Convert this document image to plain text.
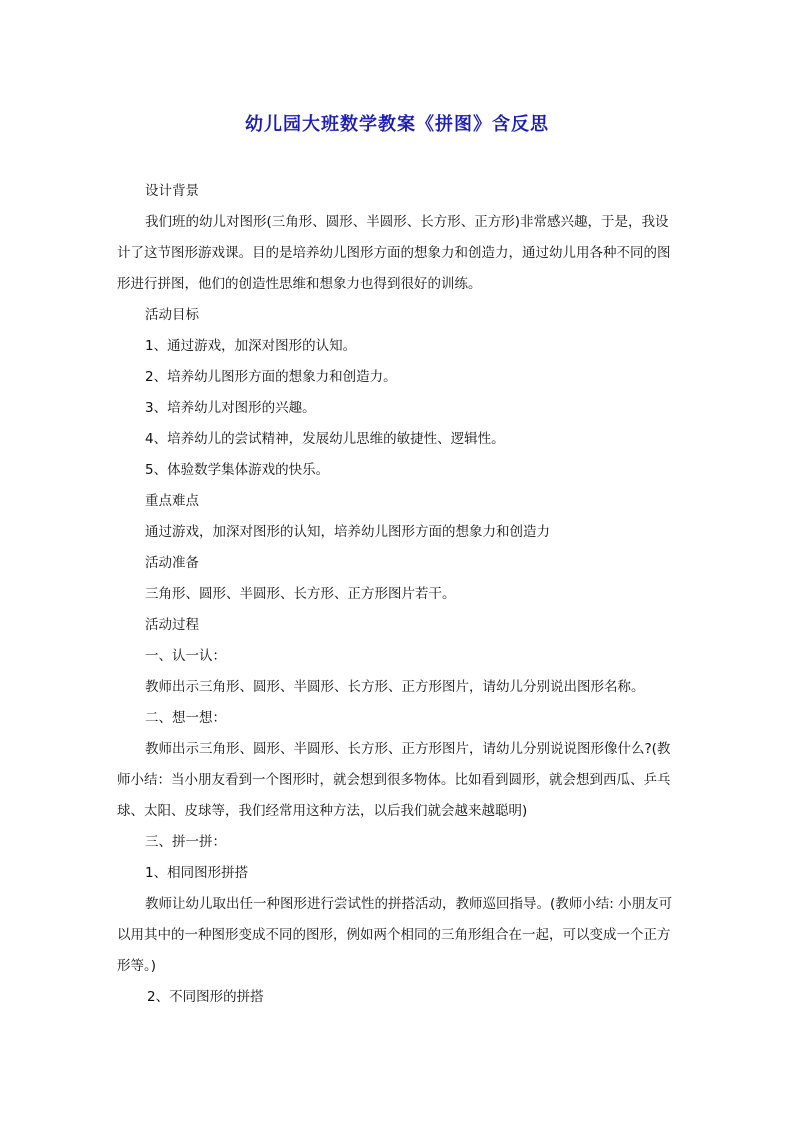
幼儿园大班数学教案《拼图》含反思

设计背景

我们班的幼儿对图形(三角形、圆形、半圆形、长方形、正方形)非常感兴趣，于是，我设计了这节图形游戏课。目的是培养幼儿图形方面的想象力和创造力，通过幼儿用各种不同的图形进行拼图，他们的创造性思维和想象力也得到很好的训练。

活动目标

1、通过游戏，加深对图形的认知。

2、培养幼儿图形方面的想象力和创造力。

3、培养幼儿对图形的兴趣。

4、培养幼儿的尝试精神，发展幼儿思维的敏捷性、逻辑性。

5、体验数学集体游戏的快乐。

重点难点

通过游戏，加深对图形的认知，培养幼儿图形方面的想象力和创造力

活动准备

三角形、圆形、半圆形、长方形、正方形图片若干。

活动过程

一、认一认：

教师出示三角形、圆形、半圆形、长方形、正方形图片，请幼儿分别说出图形名称。

二、想一想：

教师出示三角形、圆形、半圆形、长方形、正方形图片，请幼儿分别说说图形像什么?(教师小结：当小朋友看到一个图形时，就会想到很多物体。比如看到圆形，就会想到西瓜、乒乓球、太阳、皮球等，我们经常用这种方法，以后我们就会越来越聪明)

三、拼一拼：

1、相同图形拼搭

教师让幼儿取出任一种图形进行尝试性的拼搭活动，教师巡回指导。(教师小结: 小朋友可以用其中的一种图形变成不同的图形，例如两个相同的三角形组合在一起，可以变成一个正方形等。)

2、不同图形的拼搭
